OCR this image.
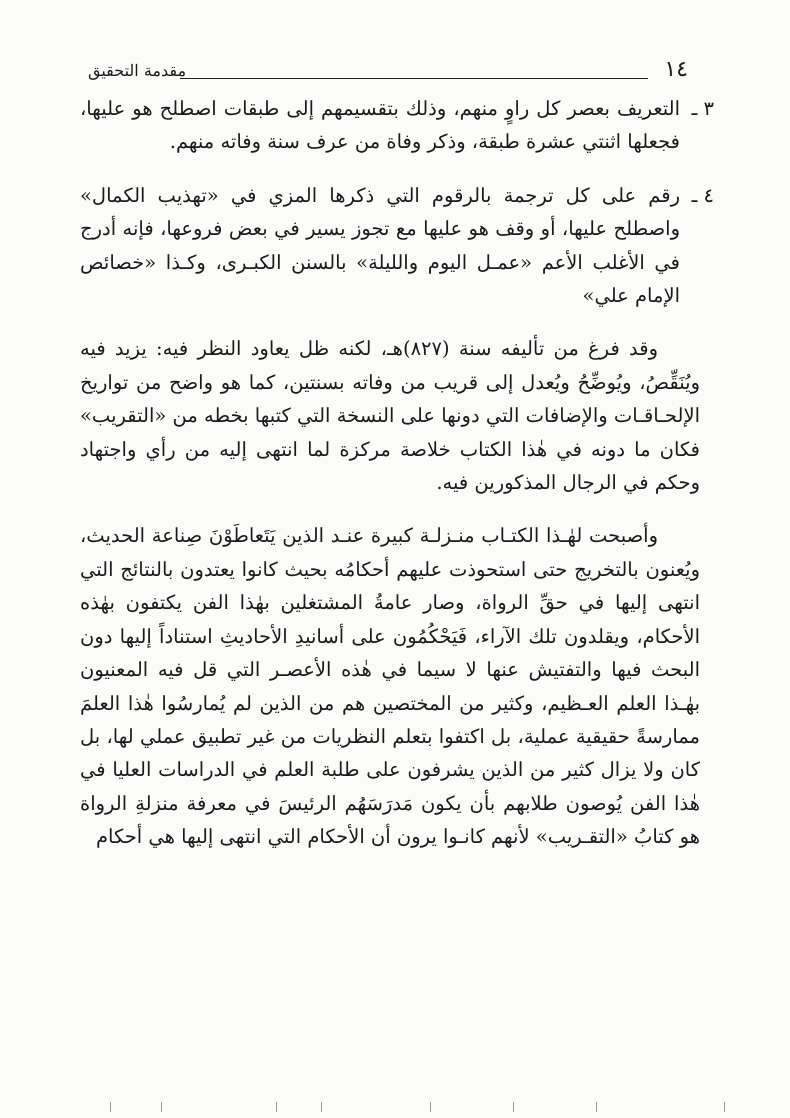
١٤
مقدمة التحقيق
٣ ـ
التعريف بعصر كل راوٍ منهم، وذلك بتقسيمهم إلى طبقات اصطلح هو عليها، فجعلها اثنتي عشرة طبقة، وذكر وفاة من عرف سنة وفاته منهم.
٤ ـ
رقم على كل ترجمة بالرقوم التي ذكرها المزي في «تهذيب الكمال» واصطلح عليها، أو وقف هو عليها مع تجوز يسير في بعض فروعها، فإنه أدرج في الأغلب الأعم «عمـل اليوم والليلة» بالسنن الكبـرى، وكـذا «خصائص الإمام علي»

وقد فرغ من تأليفه سنة (٨٢٧)هـ، لكنه ظل يعاود النظر فيه: يزيد فيه ويُنَقِّصُ، ويُوضِّحُ ويُعدل إلى قريب من وفاته بسنتين، كما هو واضح من تواريخ الإلحـاقـات والإضافات التي دونها على النسخة التي كتبها بخطه من «التقريب» فكان ما دونه في هٰذا الكتاب خلاصة مركزة لما انتهى إليه من رأي واجتهاد وحكم في الرجال المذكورين فيه.

وأصبحت لهٰـذا الكتـاب منـزلـة كبيرة عنـد الذين يَتَعاطَوْنَ صِناعة الحديث، ويُعنون بالتخريج حتى استحوذت عليهم أحكامُه بحيث كانوا يعتدون بالنتائج التي انتهى إليها في حقِّ الرواة، وصار عامةُ المشتغلين بهٰذا الفن يكتفون بهٰذه الأحكام، ويقلدون تلك الآراء، فَيَحْكُمُون على أسانيدِ الأحاديثِ استناداً إليها دون البحث فيها والتفتيش عنها لا سيما في هٰذه الأعصـر التي قل فيه المعنيون بهٰـذا العلم العـظيم، وكثير من المختصين هم من الذين لم يُمارسُوا هٰذا العلمَ ممارسةً حقيقية عملية، بل اكتفوا بتعلم النظريات من غير تطبيق عملي لها، بل كان ولا يزال كثير من الذين يشرفون على طلبة العلم في الدراسات العليا في هٰذا الفن يُوصون طلابهم بأن يكون مَدرَسَهُم الرئيسَ في معرفة منزلةِ الرواة هو كتابُ «التقـريب» لأنهم كانـوا يرون أن الأحكام التي انتهى إليها هي أحكام
